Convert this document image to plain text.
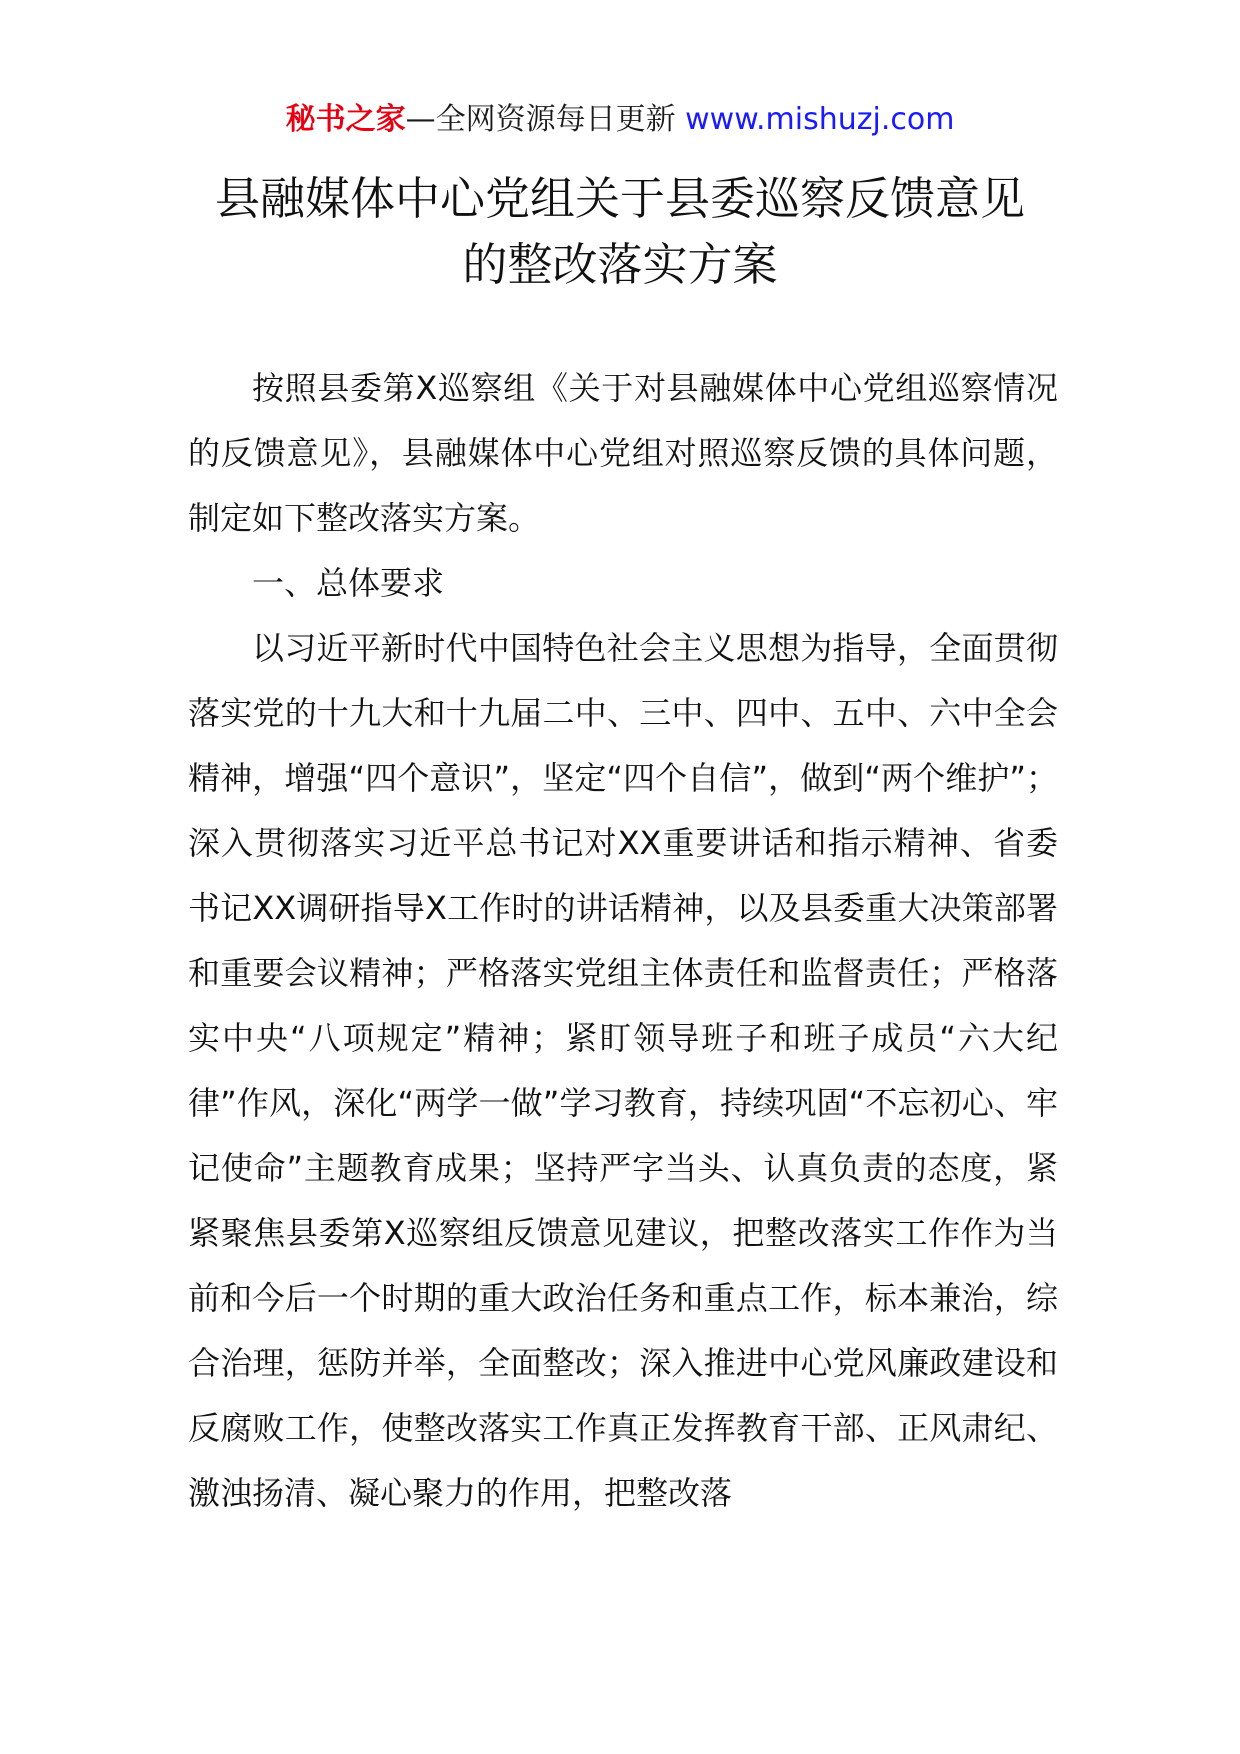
秘书之家—全网资源每日更新 www.mishuzj.com
县融媒体中心党组关于县委巡察反馈意见
的整改落实方案

按照县委第X巡察组《关于对县融媒体中心党组巡察情况的反馈意见》，县融媒体中心党组对照巡察反馈的具体问题，制定如下整改落实方案。

一、总体要求

以习近平新时代中国特色社会主义思想为指导，全面贯彻落实党的十九大和十九届二中、三中、四中、五中、六中全会精神，增强“四个意识”，坚定“四个自信”，做到“两个维护”；深入贯彻落实习近平总书记对XX重要讲话和指示精神、省委书记XX调研指导X工作时的讲话精神，以及县委重大决策部署和重要会议精神；严格落实党组主体责任和监督责任；严格落实中央“八项规定”精神；紧盯领导班子和班子成员“六大纪律”作风，深化“两学一做”学习教育，持续巩固“不忘初心、牢记使命”主题教育成果；坚持严字当头、认真负责的态度，紧紧聚焦县委第X巡察组反馈意见建议，把整改落实工作作为当前和今后一个时期的重大政治任务和重点工作，标本兼治，综合治理，惩防并举，全面整改；深入推进中心党风廉政建设和反腐败工作，使整改落实工作真正发挥教育干部、正风肃纪、激浊扬清、凝心聚力的作用，把整改落
